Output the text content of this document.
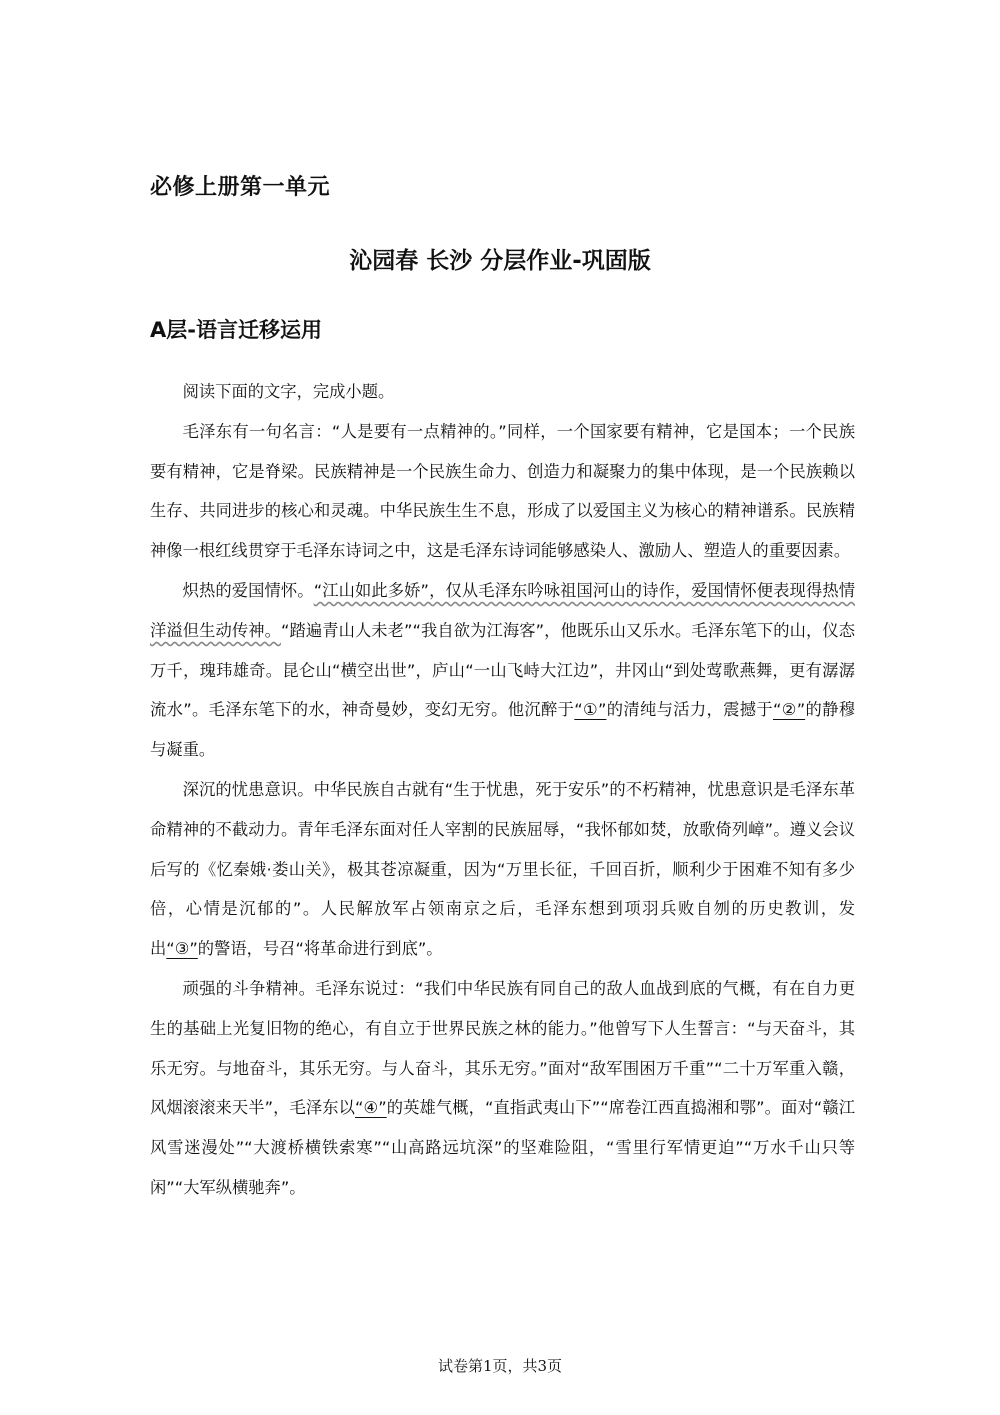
必修上册第一单元
沁园春 长沙 分层作业-巩固版
A层-语言迁移运用

阅读下面的文字，完成小题。

毛泽东有一句名言：“人是要有一点精神的。”同样，一个国家要有精神，它是国本；一个民族要有精神，它是脊梁。民族精神是一个民族生命力、创造力和凝聚力的集中体现，是一个民族赖以生存、共同进步的核心和灵魂。中华民族生生不息，形成了以爱国主义为核心的精神谱系。民族精神像一根红线贯穿于毛泽东诗词之中，这是毛泽东诗词能够感染人、激励人、塑造人的重要因素。

炽热的爱国情怀。“江山如此多娇”，仅从毛泽东吟咏祖国河山的诗作，爱国情怀便表现得热情洋溢但生动传神。“踏遍青山人未老”“我自欲为江海客”，他既乐山又乐水。毛泽东笔下的山，仪态万千，瑰玮雄奇。昆仑山“横空出世”，庐山“一山飞峙大江边”，井冈山“到处莺歌燕舞，更有潺潺流水”。毛泽东笔下的水，神奇曼妙，变幻无穷。他沉醉于“①”的清纯与活力，震撼于“②”的静穆与凝重。

深沉的忧患意识。中华民族自古就有“生于忧患，死于安乐”的不朽精神，忧患意识是毛泽东革命精神的不截动力。青年毛泽东面对任人宰割的民族屈辱，“我怀郁如焚，放歌倚列嶂”。遵义会议后写的《忆秦娥·娄山关》，极其苍凉凝重，因为“万里长征，千回百折，顺利少于困难不知有多少倍，心情是沉郁的”。人民解放军占领南京之后，毛泽东想到项羽兵败自刎的历史教训，发出“③”的警语，号召“将革命进行到底”。

顽强的斗争精神。毛泽东说过：“我们中华民族有同自己的敌人血战到底的气概，有在自力更生的基础上光复旧物的绝心，有自立于世界民族之林的能力。”他曾写下人生誓言：“与天奋斗，其乐无穷。与地奋斗，其乐无穷。与人奋斗，其乐无穷。”面对“敌军围困万千重”“二十万军重入赣，风烟滚滚来天半”，毛泽东以“④”的英雄气概，“直指武夷山下”“席卷江西直捣湘和鄂”。面对“赣江风雪迷漫处”“大渡桥横铁索寒”“山高路远坑深”的坚难险阻，“雪里行军情更迫”“万水千山只等闲”“大军纵横驰奔”。

试卷第1页，共3页
